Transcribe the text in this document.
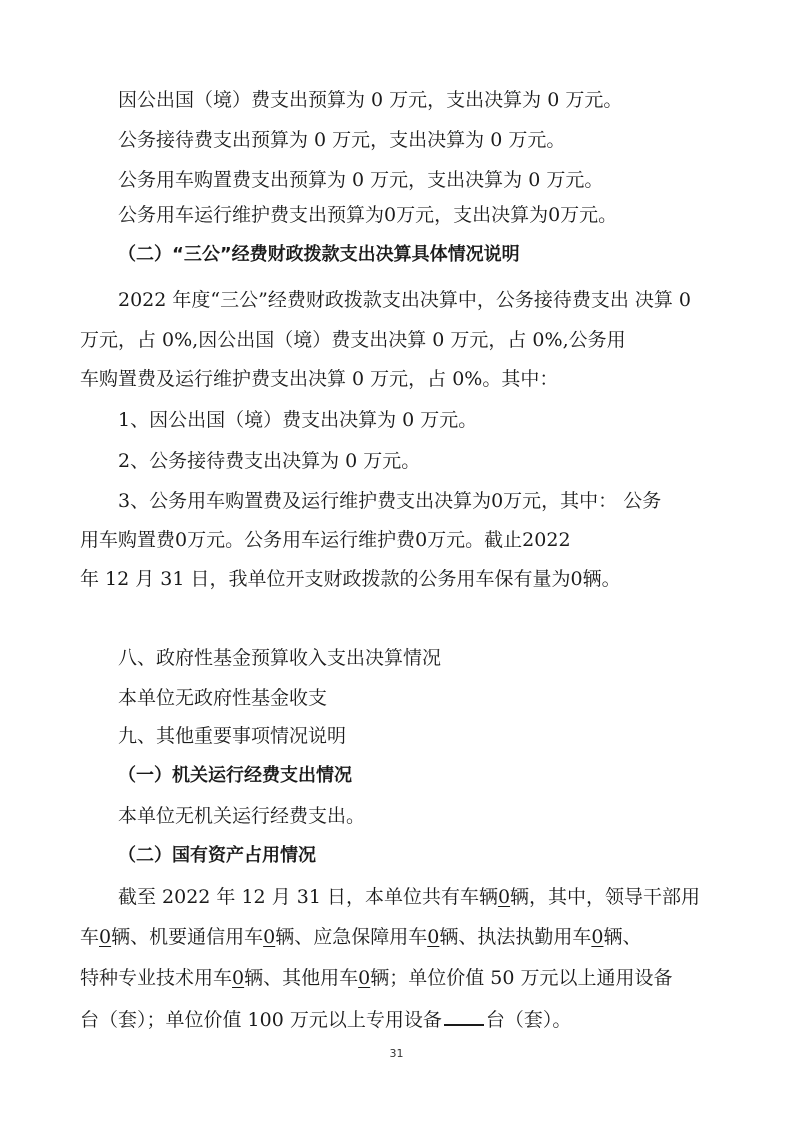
因公出国（境）费支出预算为 0 万元，支出决算为 0 万元。
公务接待费支出预算为 0 万元，支出决算为 0 万元。
公务用车购置费支出预算为 0 万元，支出决算为 0 万元。
公务用车运行维护费支出预算为0万元，支出决算为0万元。
（二）“三公”经费财政拨款支出决算具体情况说明
2022 年度“三公”经费财政拨款支出决算中，公务接待费支出 决算 0
万元，占 0%,因公出国（境）费支出决算 0 万元，占 0%,公务用
车购置费及运行维护费支出决算 0 万元，占 0%。其中：
1、因公出国（境）费支出决算为 0 万元。
2、公务接待费支出决算为 0 万元。
3、公务用车购置费及运行维护费支出决算为0万元，其中： 公务
用车购置费0万元。公务用车运行维护费0万元。截止2022
年 12 月 31 日，我单位开支财政拨款的公务用车保有量为0辆。
八、政府性基金预算收入支出决算情况
本单位无政府性基金收支
九、其他重要事项情况说明
（一）机关运行经费支出情况
本单位无机关运行经费支出。
（二）国有资产占用情况
截至 2022 年 12 月 31 日，本单位共有车辆0辆，其中，领导干部用
车0辆、机要通信用车0辆、应急保障用车0辆、执法执勤用车0辆、
特种专业技术用车0辆、其他用车0辆；单位价值 50 万元以上通用设备
台（套）；单位价值 100 万元以上专用设备 台（套）。
31
